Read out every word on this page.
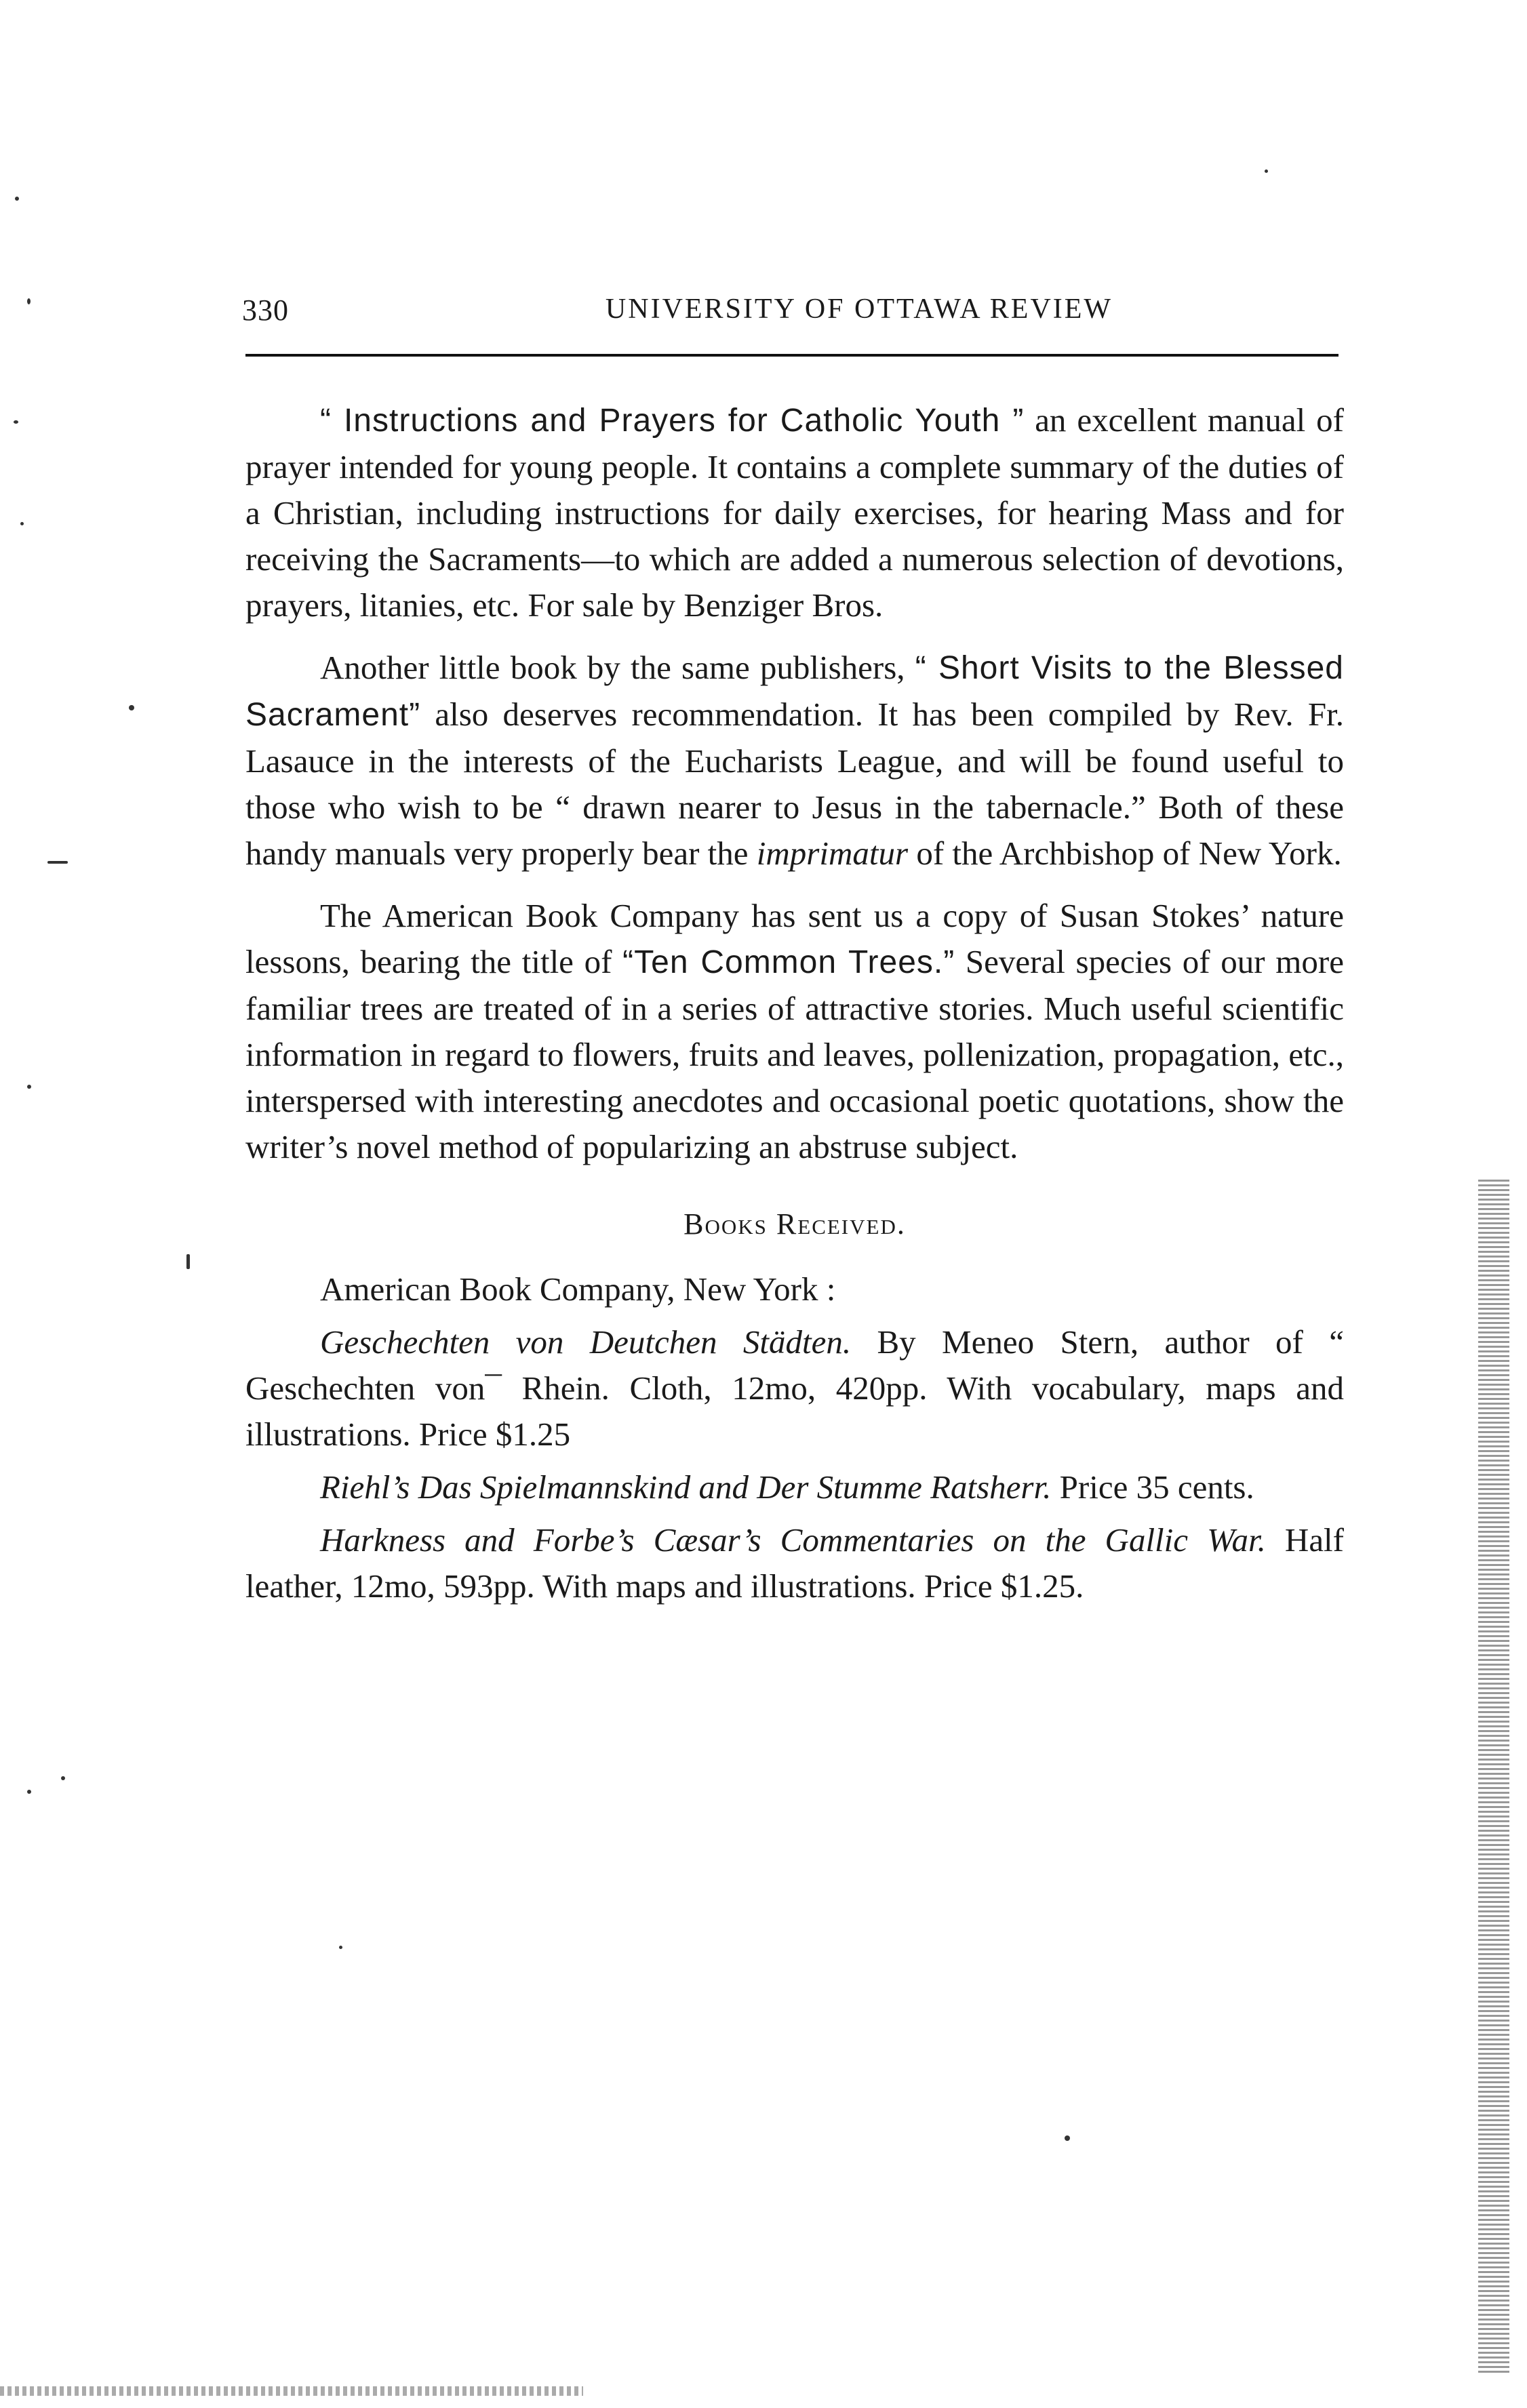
330	UNIVERSITY OF OTTAWA REVIEW

“ Instructions and Prayers for Catholic Youth ” an excellent manual of prayer intended for young people. It contains a complete summary of the duties of a Christian, including instructions for daily exercises, for hearing Mass and for receiving the Sacraments—to which are added a numerous selection of devotions, prayers, litanies, etc. For sale by Benziger Bros.

Another little book by the same publishers, “ Short Visits to the Blessed Sacrament” also deserves recommendation. It has been compiled by Rev. Fr. Lasauce in the interests of the Eucharists League, and will be found useful to those who wish to be “ drawn nearer to Jesus in the tabernacle.” Both of these handy manuals very properly bear the imprimatur of the Archbishop of New York.

The American Book Company has sent us a copy of Susan Stokes’ nature lessons, bearing the title of “Ten Common Trees.” Several species of our more familiar trees are treated of in a series of attractive stories. Much useful scientific information in regard to flowers, fruits and leaves, pollenization, propagation, etc., interspersed with interesting anecdotes and occasional poetic quotations, show the writer’s novel method of popularizing an abstruse subject.

Books Received.

American Book Company, New York :

Geschechten von Deutchen Städten. By Meneo Stern, author of “ Geschechten von¯ Rhein. Cloth, 12mo, 420pp. With vocabulary, maps and illustrations. Price $1.25

Riehl’s Das Spielmannskind and Der Stumme Ratsherr. Price 35 cents.

Harkness and Forbe’s Cæsar’s Commentaries on the Gallic War. Half leather, 12mo, 593pp. With maps and illustrations. Price $1.25.
